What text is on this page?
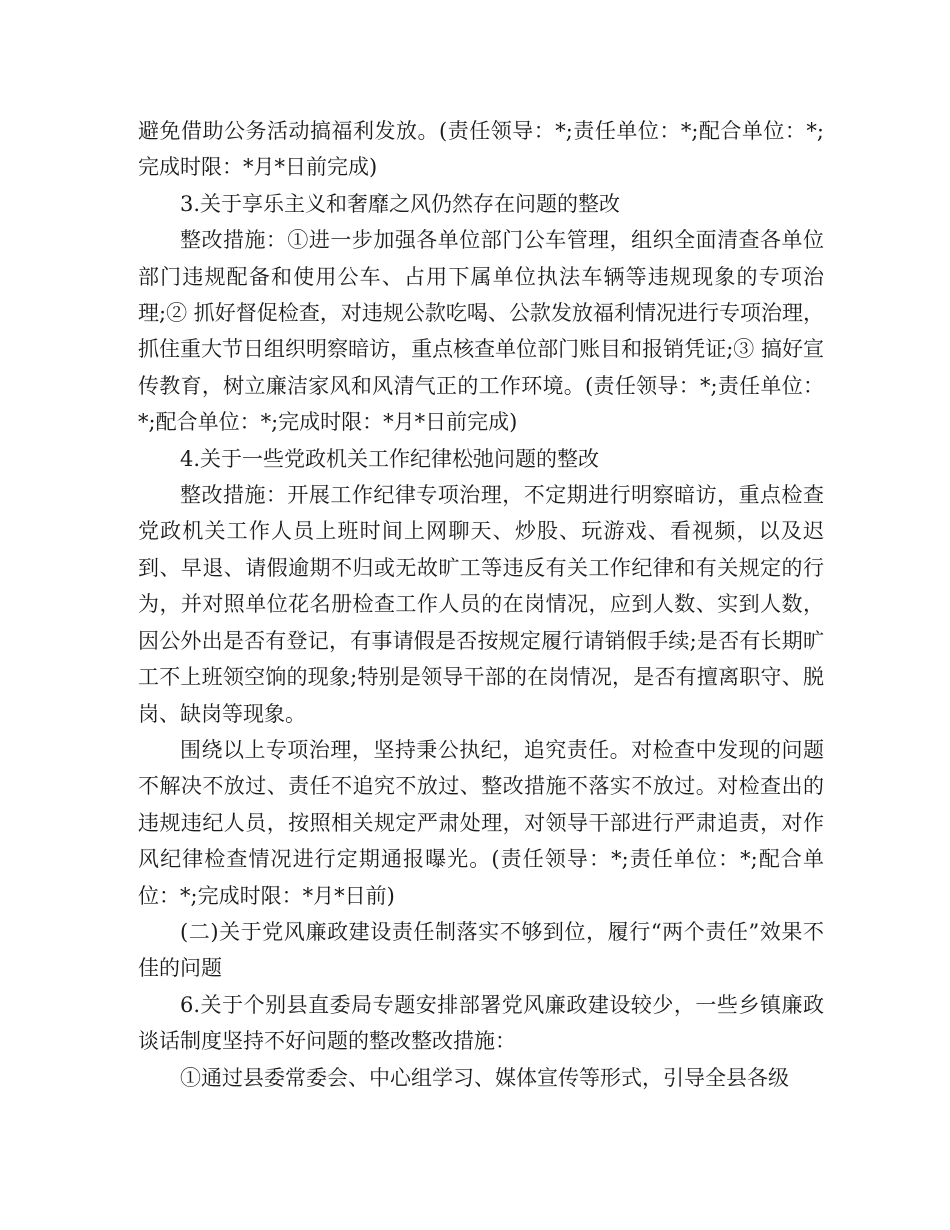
避免借助公务活动搞福利发放。(责任领导：*;责任单位：*;配合单位：*;完成时限：*月*日前完成)

3.关于享乐主义和奢靡之风仍然存在问题的整改

整改措施：①进一步加强各单位部门公车管理，组织全面清查各单位部门违规配备和使用公车、占用下属单位执法车辆等违规现象的专项治理;② 抓好督促检查，对违规公款吃喝、公款发放福利情况进行专项治理，抓住重大节日组织明察暗访，重点核查单位部门账目和报销凭证;③ 搞好宣传教育，树立廉洁家风和风清气正的工作环境。(责任领导：*;责任单位：*;配合单位：*;完成时限：*月*日前完成)

4.关于一些党政机关工作纪律松弛问题的整改

整改措施：开展工作纪律专项治理，不定期进行明察暗访，重点检查党政机关工作人员上班时间上网聊天、炒股、玩游戏、看视频，以及迟到、早退、请假逾期不归或无故旷工等违反有关工作纪律和有关规定的行为，并对照单位花名册检查工作人员的在岗情况，应到人数、实到人数，因公外出是否有登记，有事请假是否按规定履行请销假手续;是否有长期旷工不上班领空饷的现象;特别是领导干部的在岗情况，是否有擅离职守、脱岗、缺岗等现象。

围绕以上专项治理，坚持秉公执纪，追究责任。对检查中发现的问题不解决不放过、责任不追究不放过、整改措施不落实不放过。对检查出的违规违纪人员，按照相关规定严肃处理，对领导干部进行严肃追责，对作风纪律检查情况进行定期通报曝光。(责任领导：*;责任单位：*;配合单位：*;完成时限：*月*日前)

(二)关于党风廉政建设责任制落实不够到位，履行“两个责任”效果不佳的问题

6.关于个别县直委局专题安排部署党风廉政建设较少，一些乡镇廉政谈话制度坚持不好问题的整改整改措施：

①通过县委常委会、中心组学习、媒体宣传等形式，引导全县各级
